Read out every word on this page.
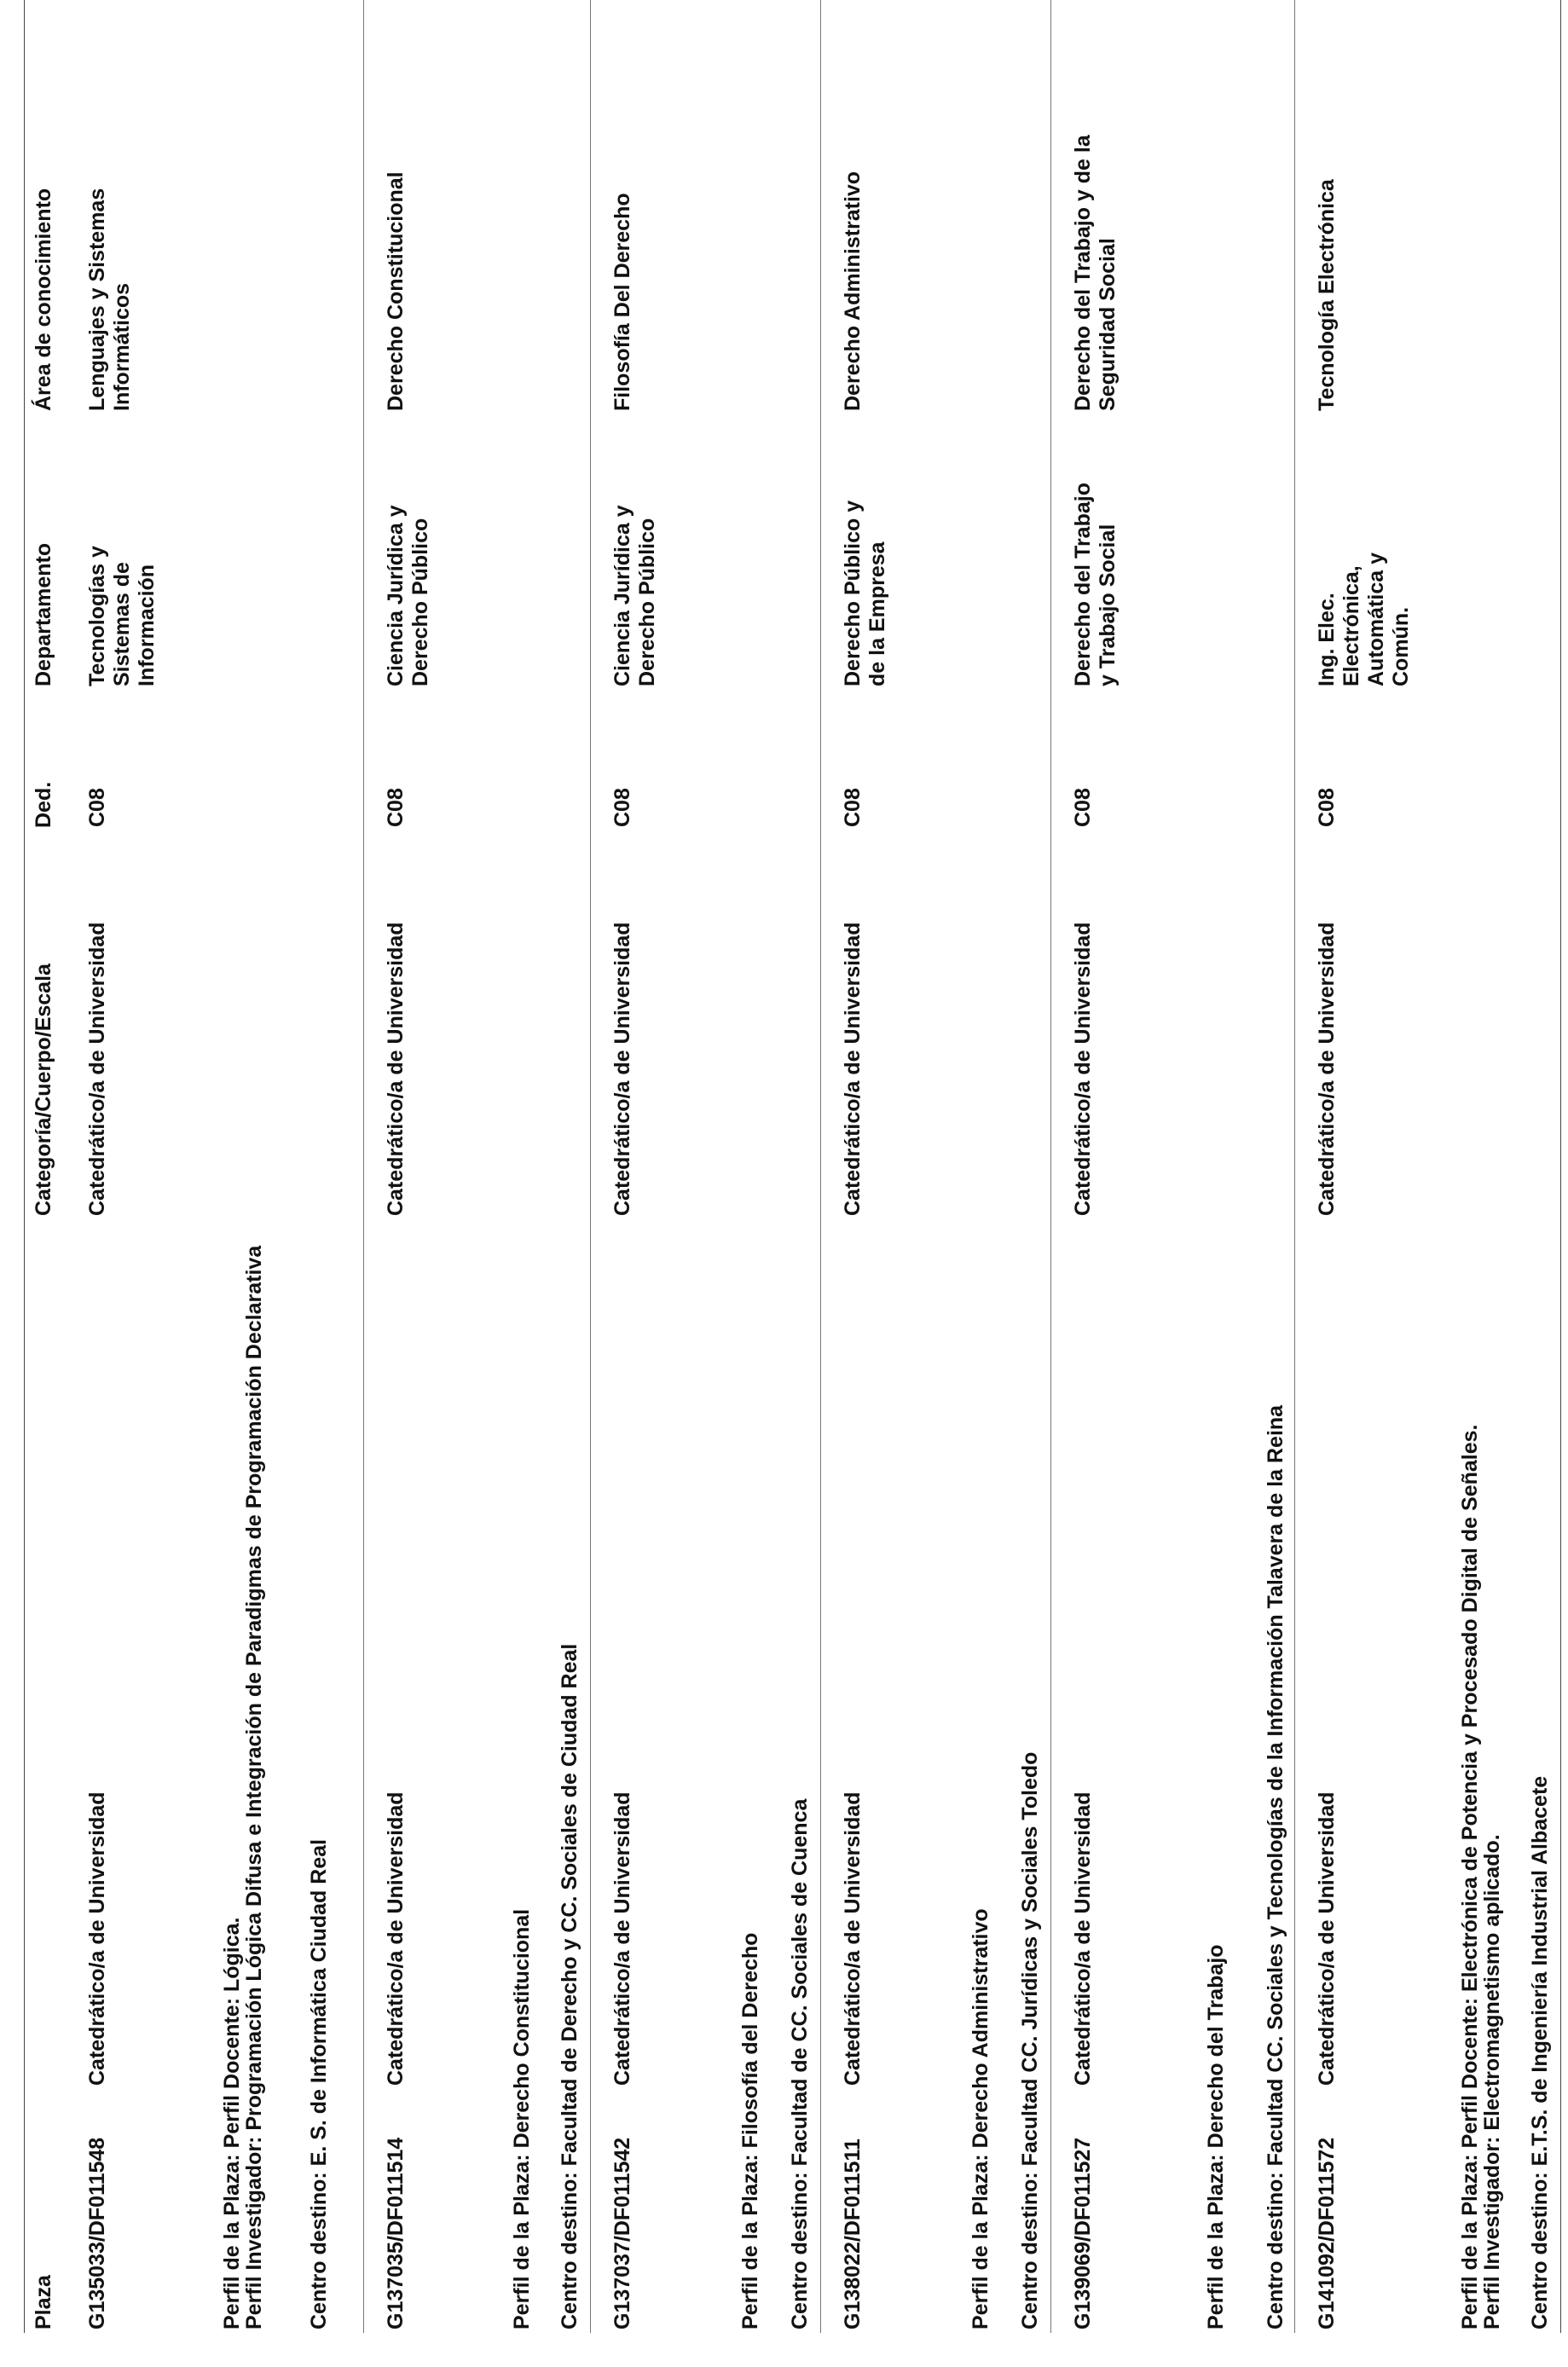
Plaza
Categoría/Cuerpo/Escala
Ded.
Departamento
Área de conocimiento
G135033/DF011548
Catedrático/a de Universidad
Catedrático/a de Universidad
C08
Tecnologías y Sistemas de Información
Lenguajes y Sistemas Informáticos
Perfil de la Plaza: Perfil Docente: Lógica.
Perfil Investigador: Programación Lógica Difusa e Integración de Paradigmas de Programación Declarativa Centro destino: E. S. de Informática Ciudad Real G137035/DF011514
Catedrático/a de Universidad
Catedrático/a de Universidad
C08
Ciencia Jurídica y Derecho Público
Derecho Constitucional
Perfil de la Plaza: Derecho Constitucional Centro destino: Facultad de Derecho y CC. Sociales de Ciudad Real G137037/DF011542
Catedrático/a de Universidad
Catedrático/a de Universidad
C08
Ciencia Jurídica y Derecho Público
Filosofía Del Derecho
Perfil de la Plaza: Filosofía del Derecho Centro destino: Facultad de CC. Sociales de Cuenca G138022/DF011511
Catedrático/a de Universidad
Catedrático/a de Universidad
C08
Derecho Público y de la Empresa
Derecho Administrativo
Perfil de la Plaza: Derecho Administrativo Centro destino: Facultad CC. Jurídicas y Sociales Toledo G139069/DF011527
Catedrático/a de Universidad
Catedrático/a de Universidad
C08
Derecho del Trabajo y Trabajo Social
Derecho del Trabajo y de la Seguridad Social
Perfil de la Plaza: Derecho del Trabajo Centro destino: Facultad CC. Sociales y Tecnologías de la Información Talavera de la Reina G141092/DF011572
Catedrático/a de Universidad
Catedrático/a de Universidad
C08
Ing. Elec. Electrónica, Automática y Común.
Tecnología Electrónica
Perfil de la Plaza: Perfil Docente: Electrónica de Potencia y Procesado Digital de Señales.
Perfil Investigador: Electromagnetismo aplicado. Centro destino: E.T.S. de Ingeniería Industrial Albacete
